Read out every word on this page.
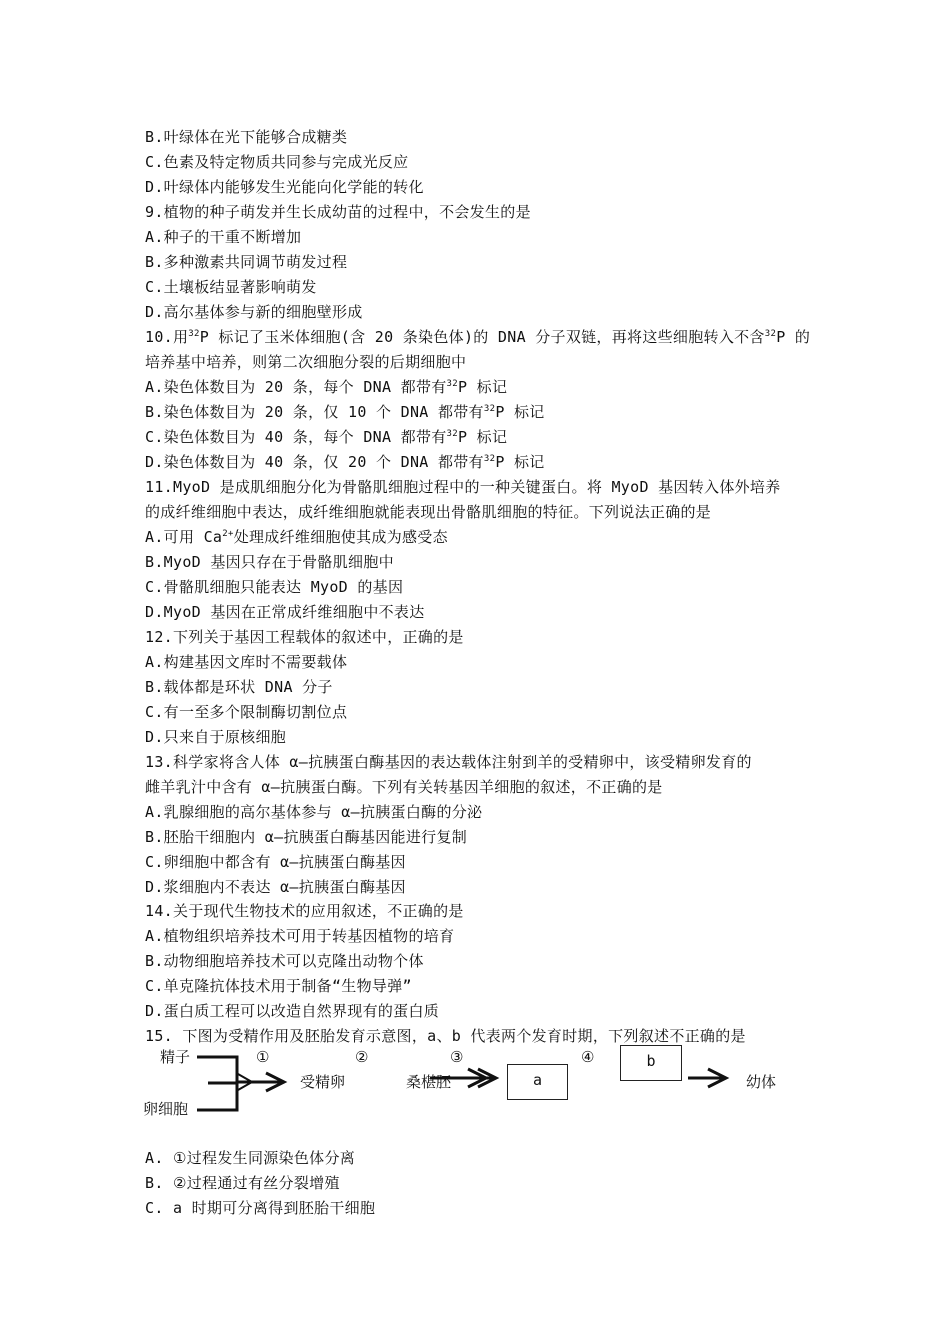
B.叶绿体在光下能够合成糖类
C.色素及特定物质共同参与完成光反应
D.叶绿体内能够发生光能向化学能的转化
9.植物的种子萌发并生长成幼苗的过程中，不会发生的是
A.种子的干重不断增加
B.多种激素共同调节萌发过程
C.土壤板结显著影响萌发
D.高尔基体参与新的细胞壁形成
10.用$^{32}$P 标记了玉米体细胞(含 20 条染色体)的 DNA 分子双链，再将这些细胞转入不含$^{32}$P 的
培养基中培养，则第二次细胞分裂的后期细胞中
A.染色体数目为 20 条，每个 DNA 都带有$^{32}$P 标记
B.染色体数目为 20 条，仅 10 个 DNA 都带有$^{32}$P 标记
C.染色体数目为 40 条，每个 DNA 都带有$^{32}$P 标记
D.染色体数目为 40 条，仅 20 个 DNA 都带有$^{32}$P 标记
11.MyoD 是成肌细胞分化为骨骼肌细胞过程中的一种关键蛋白。将 MyoD 基因转入体外培养
的成纤维细胞中表达，成纤维细胞就能表现出骨骼肌细胞的特征。下列说法正确的是
A.可用 $Ca^{2+}$处理成纤维细胞使其成为感受态
B.MyoD 基因只存在于骨骼肌细胞中
C.骨骼肌细胞只能表达 MyoD 的基因
D.MyoD 基因在正常成纤维细胞中不表达
12.下列关于基因工程载体的叙述中，正确的是
A.构建基因文库时不需要载体
B.载体都是环状 DNA 分子
C.有一至多个限制酶切割位点
D.只来自于原核细胞
13.科学家将含人体 α—抗胰蛋白酶基因的表达载体注射到羊的受精卵中，该受精卵发育的
雌羊乳汁中含有 α—抗胰蛋白酶。下列有关转基因羊细胞的叙述，不正确的是
A.乳腺细胞的高尔基体参与 α—抗胰蛋白酶的分泌
B.胚胎干细胞内 α—抗胰蛋白酶基因能进行复制
C.卵细胞中都含有 α—抗胰蛋白酶基因
D.浆细胞内不表达 α—抗胰蛋白酶基因
14.关于现代生物技术的应用叙述，不正确的是
A.植物组织培养技术可用于转基因植物的培育
B.动物细胞培养技术可以克隆出动物个体
C.单克隆抗体技术用于制备“生物导弹”
D.蛋白质工程可以改造自然界现有的蛋白质
15. 下图为受精作用及胚胎发育示意图，a、b 代表两个发育时期，下列叙述不正确的是
精子
卵细胞
受精卵	桑椹胚	幼体
①	②	③	④
a
b
A. ①过程发生同源染色体分离
B. ②过程通过有丝分裂增殖
C. a 时期可分离得到胚胎干细胞
